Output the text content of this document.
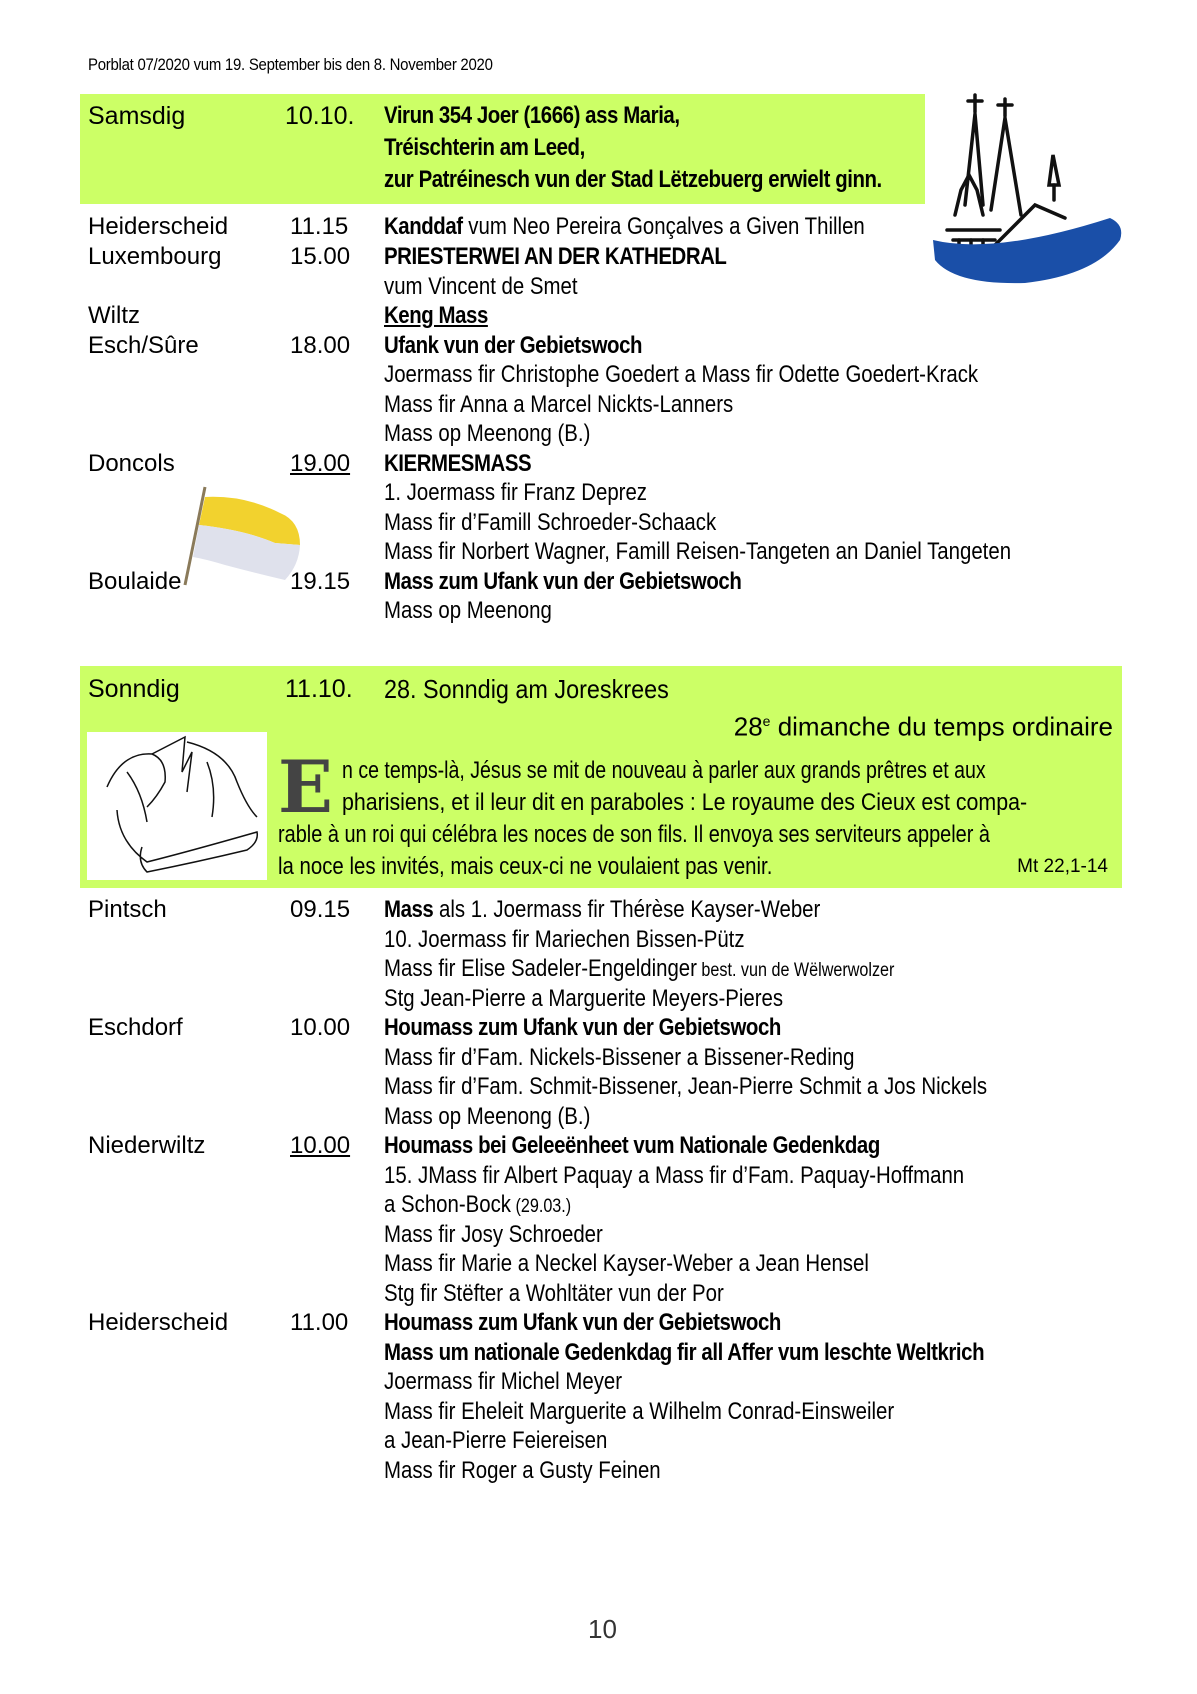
Porblat 07/2020 vum 19. September bis den 8. November 2020
Samsdig	10.10. Virun 354 Joer (1666) ass Maria,
Tréischterin am Leed,
zur Patréinesch vun der Stad Lëtzebuerg erwielt ginn.
Heiderscheid	11.15 Kanddaf vum Neo Pereira Gonçalves a Given Thillen
Luxembourg	15.00 PRIESTERWEI AN DER KATHEDRAL
vum Vincent de Smet
Wiltz	Keng Mass
Esch/Sûre	18.00 Ufank vun der Gebietswoch
Joermass fir Christophe Goedert a Mass fir Odette Goedert-Krack
Mass fir Anna a Marcel Nickts-Lanners
Mass op Meenong (B.)
Doncols	19.00 KIERMESMASS
1. Joermass fir Franz Deprez
Mass fir d’Famill Schroeder-Schaack
Mass fir Norbert Wagner, Famill Reisen-Tangeten an Daniel Tangeten
Boulaide	19.15 Mass zum Ufank vun der Gebietswoch
Mass op Meenong
Sonndig	11.10. 28. Sonndig am Joreskrees
28e dimanche du temps ordinaire
E n ce temps-là, Jésus se mit de nouveau à parler aux grands prêtres et aux
pharisiens, et il leur dit en paraboles : Le royaume des Cieux est compa-
rable à un roi qui célébra les noces de son fils. Il envoya ses serviteurs appeler à
la noce les invités, mais ceux-ci ne voulaient pas venir.	Mt 22,1-14
Pintsch	09.15 Mass als 1. Joermass fir Thérèse Kayser-Weber
10. Joermass fir Mariechen Bissen-Pütz
Mass fir Elise Sadeler-Engeldinger best. vun de Wëlwerwolzer
Stg Jean-Pierre a Marguerite Meyers-Pieres
Eschdorf	10.00 Houmass zum Ufank vun der Gebietswoch
Mass fir d’Fam. Nickels-Bissener a Bissener-Reding
Mass fir d’Fam. Schmit-Bissener, Jean-Pierre Schmit a Jos Nickels
Mass op Meenong (B.)
Niederwiltz	10.00 Houmass bei Geleeënheet vum Nationale Gedenkdag
15. JMass fir Albert Paquay a Mass fir d’Fam. Paquay-Hoffmann
a Schon-Bock (29.03.)
Mass fir Josy Schroeder
Mass fir Marie a Neckel Kayser-Weber a Jean Hensel
Stg fir Stëfter a Wohltäter vun der Por
Heiderscheid	11.00 Houmass zum Ufank vun der Gebietswoch
Mass um nationale Gedenkdag fir all Affer vum leschte Weltkrich
Joermass fir Michel Meyer
Mass fir Eheleit Marguerite a Wilhelm Conrad-Einsweiler
a Jean-Pierre Feiereisen
Mass fir Roger a Gusty Feinen
10
